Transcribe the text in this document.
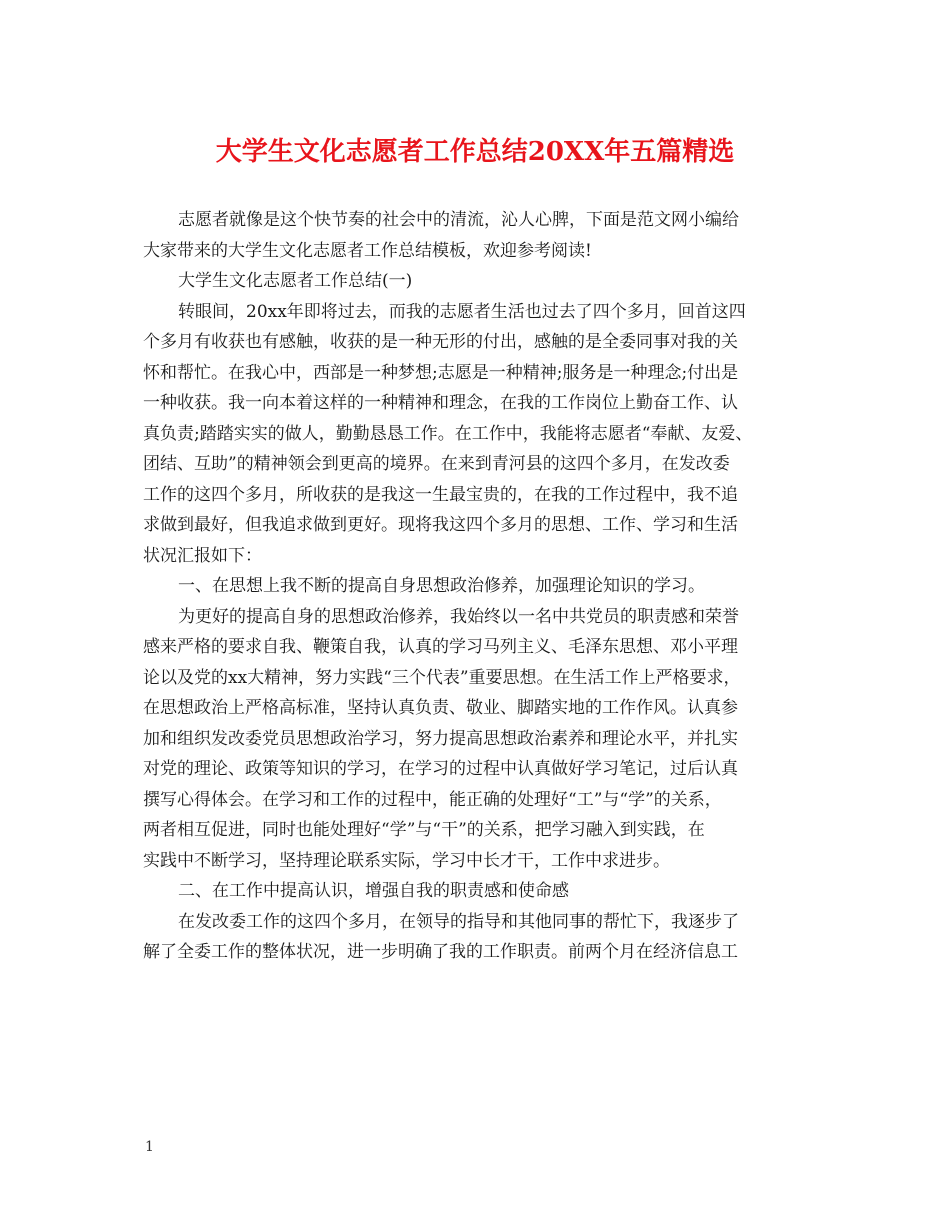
大学生文化志愿者工作总结20XX年五篇精选
志愿者就像是这个快节奏的社会中的清流，沁人心脾，下面是范文网小编给
大家带来的大学生文化志愿者工作总结模板，欢迎参考阅读!
大学生文化志愿者工作总结(一)
转眼间，20xx年即将过去，而我的志愿者生活也过去了四个多月，回首这四
个多月有收获也有感触，收获的是一种无形的付出，感触的是全委同事对我的关
怀和帮忙。在我心中，西部是一种梦想;志愿是一种精神;服务是一种理念;付出是
一种收获。我一向本着这样的一种精神和理念，在我的工作岗位上勤奋工作、认
真负责;踏踏实实的做人，勤勤恳恳工作。在工作中，我能将志愿者“奉献、友爱、
团结、互助”的精神领会到更高的境界。在来到青河县的这四个多月，在发改委
工作的这四个多月，所收获的是我这一生最宝贵的，在我的工作过程中，我不追
求做到最好，但我追求做到更好。现将我这四个多月的思想、工作、学习和生活
状况汇报如下：
一、在思想上我不断的提高自身思想政治修养，加强理论知识的学习。
为更好的提高自身的思想政治修养，我始终以一名中共党员的职责感和荣誉
感来严格的要求自我、鞭策自我，认真的学习马列主义、毛泽东思想、邓小平理
论以及党的xx大精神，努力实践“三个代表”重要思想。在生活工作上严格要求，
在思想政治上严格高标准，坚持认真负责、敬业、脚踏实地的工作作风。认真参
加和组织发改委党员思想政治学习，努力提高思想政治素养和理论水平，并扎实
对党的理论、政策等知识的学习，在学习的过程中认真做好学习笔记，过后认真
撰写心得体会。在学习和工作的过程中，能正确的处理好“工”与“学”的关系，
两者相互促进，同时也能处理好“学”与“干”的关系，把学习融入到实践，在
实践中不断学习，坚持理论联系实际，学习中长才干，工作中求进步。
二、在工作中提高认识，增强自我的职责感和使命感
在发改委工作的这四个多月，在领导的指导和其他同事的帮忙下，我逐步了
解了全委工作的整体状况，进一步明确了我的工作职责。前两个月在经济信息工
1
